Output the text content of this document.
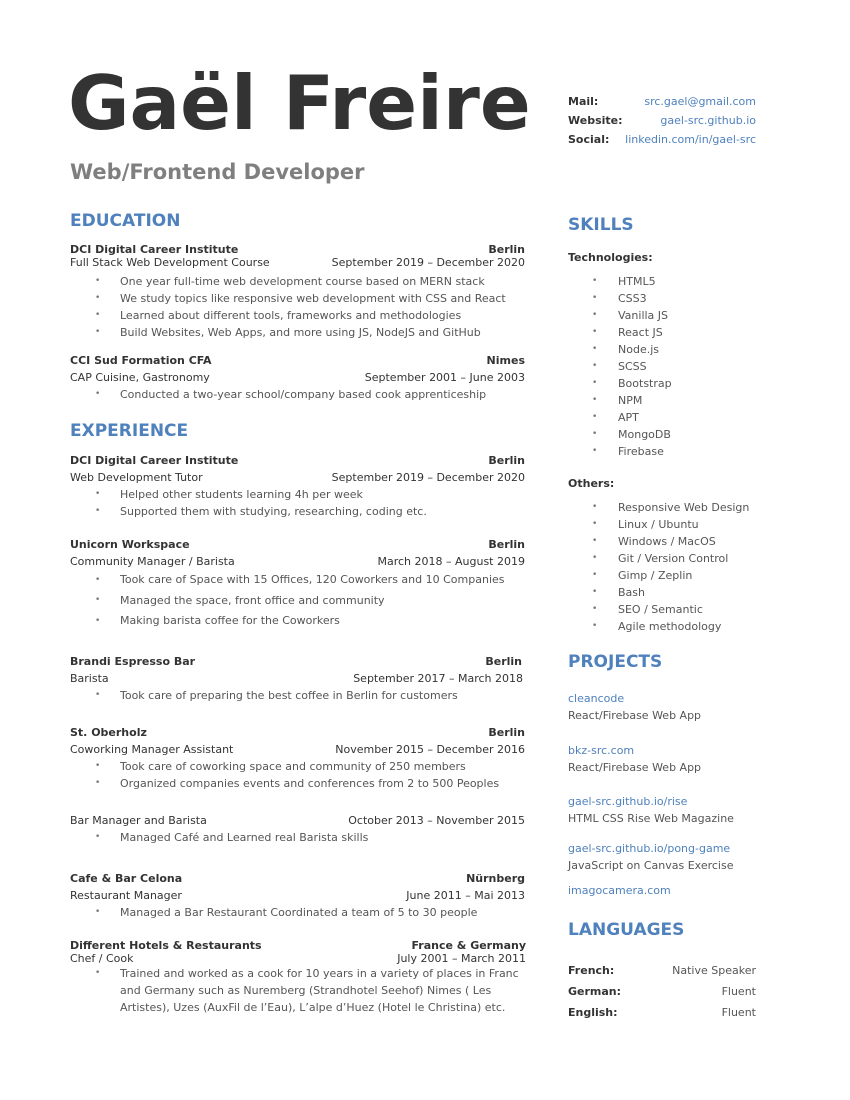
Gaël Freire
Web/Frontend Developer
Mail:	src.gael@gmail.com
Website:	gael-src.github.io
Social: linkedin.com/in/gael-src
EDUCATION
DCI Digital Career Institute	Berlin
Full Stack Web Development Course	September 2019 – December 2020
• One year full-time web development course based on MERN stack
• We study topics like responsive web development with CSS and React
• Learned about different tools, frameworks and methodologies
• Build Websites, Web Apps, and more using JS, NodeJS and GitHub
CCI Sud Formation CFA	Nimes
CAP Cuisine, Gastronomy	September 2001 – June 2003
• Conducted a two-year school/company based cook apprenticeship
EXPERIENCE
DCI Digital Career Institute	Berlin
Web Development Tutor	September 2019 – December 2020
• Helped other students learning 4h per week
• Supported them with studying, researching, coding etc.
Unicorn Workspace	Berlin
Community Manager / Barista	March 2018 – August 2019
• Took care of Space with 15 Offices, 120 Coworkers and 10 Companies
• Managed the space, front office and community
• Making barista coffee for the Coworkers
Brandi Espresso Bar	Berlin
Barista	September 2017 – March 2018
• Took care of preparing the best coffee in Berlin for customers
St. Oberholz	Berlin
Coworking Manager Assistant	November 2015 – December 2016
• Took care of coworking space and community of 250 members
• Organized companies events and conferences from 2 to 500 Peoples
Bar Manager and Barista	October 2013 – November 2015
• Managed Café and Learned real Barista skills
Cafe & Bar Celona	Nürnberg
Restaurant Manager	June 2011 – Mai 2013
• Managed a Bar Restaurant Coordinated a team of 5 to 30 people
Different Hotels & Restaurants	France & Germany
Chef / Cook	July 2001 – March 2011
• Trained and worked as a cook for 10 years in a variety of places in Franc and Germany such as Nuremberg (Strandhotel Seehof) Nimes ( Les Artistes), Uzes (AuxFil de l’Eau), L’alpe d’Huez (Hotel le Christina) etc.
SKILLS
Technologies:
• HTML5
• CSS3
• Vanilla JS
• React JS
• Node.js
• SCSS
• Bootstrap
• NPM
• APT
• MongoDB
• Firebase
Others:
• Responsive Web Design
• Linux / Ubuntu
• Windows / MacOS
• Git / Version Control
• Gimp / Zeplin
• Bash
• SEO / Semantic
• Agile methodology
PROJECTS
cleancode
React/Firebase Web App
bkz-src.com
React/Firebase Web App
gael-src.github.io/rise
HTML CSS Rise Web Magazine
gael-src.github.io/pong-game
JavaScript on Canvas Exercise
imagocamera.com
LANGUAGES
French:	Native Speaker
German:	Fluent
English:	Fluent
